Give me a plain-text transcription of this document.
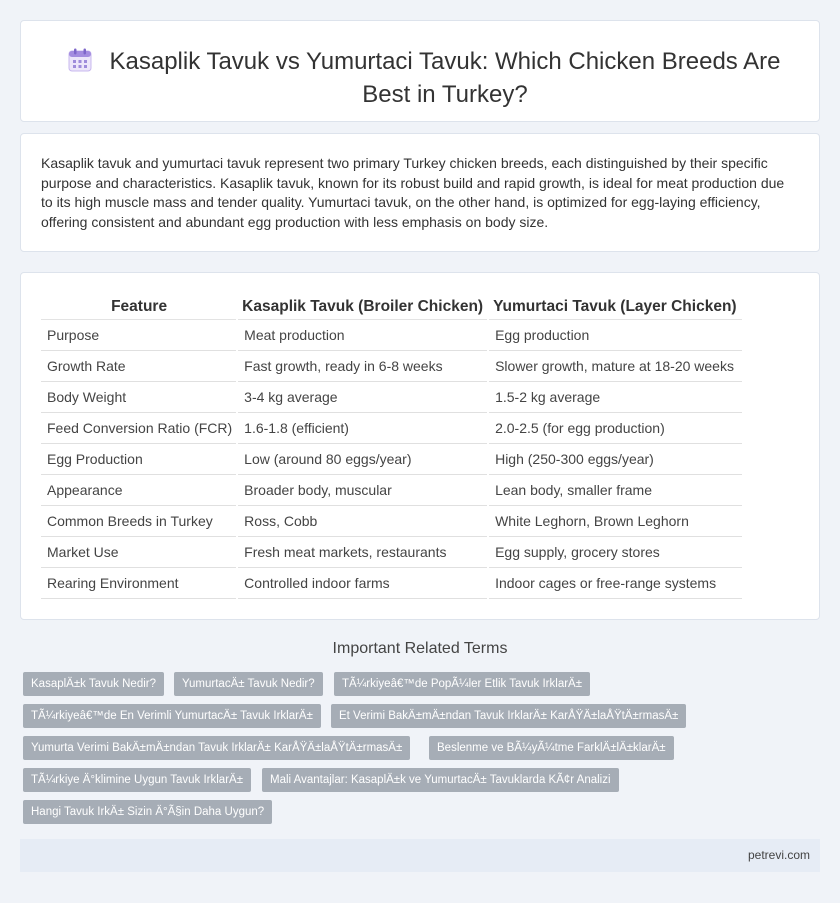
Kasaplik Tavuk vs Yumurtaci Tavuk: Which Chicken Breeds Are Best in Turkey?

Kasaplik tavuk and yumurtaci tavuk represent two primary Turkey chicken breeds, each distinguished by their specific purpose and characteristics. Kasaplik tavuk, known for its robust build and rapid growth, is ideal for meat production due to its high muscle mass and tender quality. Yumurtaci tavuk, on the other hand, is optimized for egg-laying efficiency, offering consistent and abundant egg production with less emphasis on body size.

Feature	Kasaplik Tavuk (Broiler Chicken)	Yumurtaci Tavuk (Layer Chicken)
Purpose	Meat production	Egg production
Growth Rate	Fast growth, ready in 6-8 weeks	Slower growth, mature at 18-20 weeks
Body Weight	3-4 kg average	1.5-2 kg average
Feed Conversion Ratio (FCR)	1.6-1.8 (efficient)	2.0-2.5 (for egg production)
Egg Production	Low (around 80 eggs/year)	High (250-300 eggs/year)
Appearance	Broader body, muscular	Lean body, smaller frame
Common Breeds in Turkey	Ross, Cobb	White Leghorn, Brown Leghorn
Market Use	Fresh meat markets, restaurants	Egg supply, grocery stores
Rearing Environment	Controlled indoor farms	Indoor cages or free-range systems
Important Related Terms
KasaplÄ±k Tavuk Nedir?	YumurtacÄ± Tavuk Nedir?	TÃ¼rkiyeâ€™de PopÃ¼ler Etlik Tavuk IrklarÄ±
TÃ¼rkiyeâ€™de En Verimli YumurtacÄ± Tavuk IrklarÄ±	Et Verimi BakÄ±mÄ±ndan Tavuk IrklarÄ± KarÅŸÄ±laÅŸtÄ±rmasÄ±
Yumurta Verimi BakÄ±mÄ±ndan Tavuk IrklarÄ± KarÅŸÄ±laÅŸtÄ±rmasÄ±	Beslenme ve BÃ¼yÃ¼tme FarklÄ±lÄ±klarÄ±
TÃ¼rkiye Ä°klimine Uygun Tavuk IrklarÄ±	Mali Avantajlar: KasaplÄ±k ve YumurtacÄ± Tavuklarda KÃ¢r Analizi
Hangi Tavuk IrkÄ± Sizin Ä°Ã§in Daha Uygun?
petrevi.com
